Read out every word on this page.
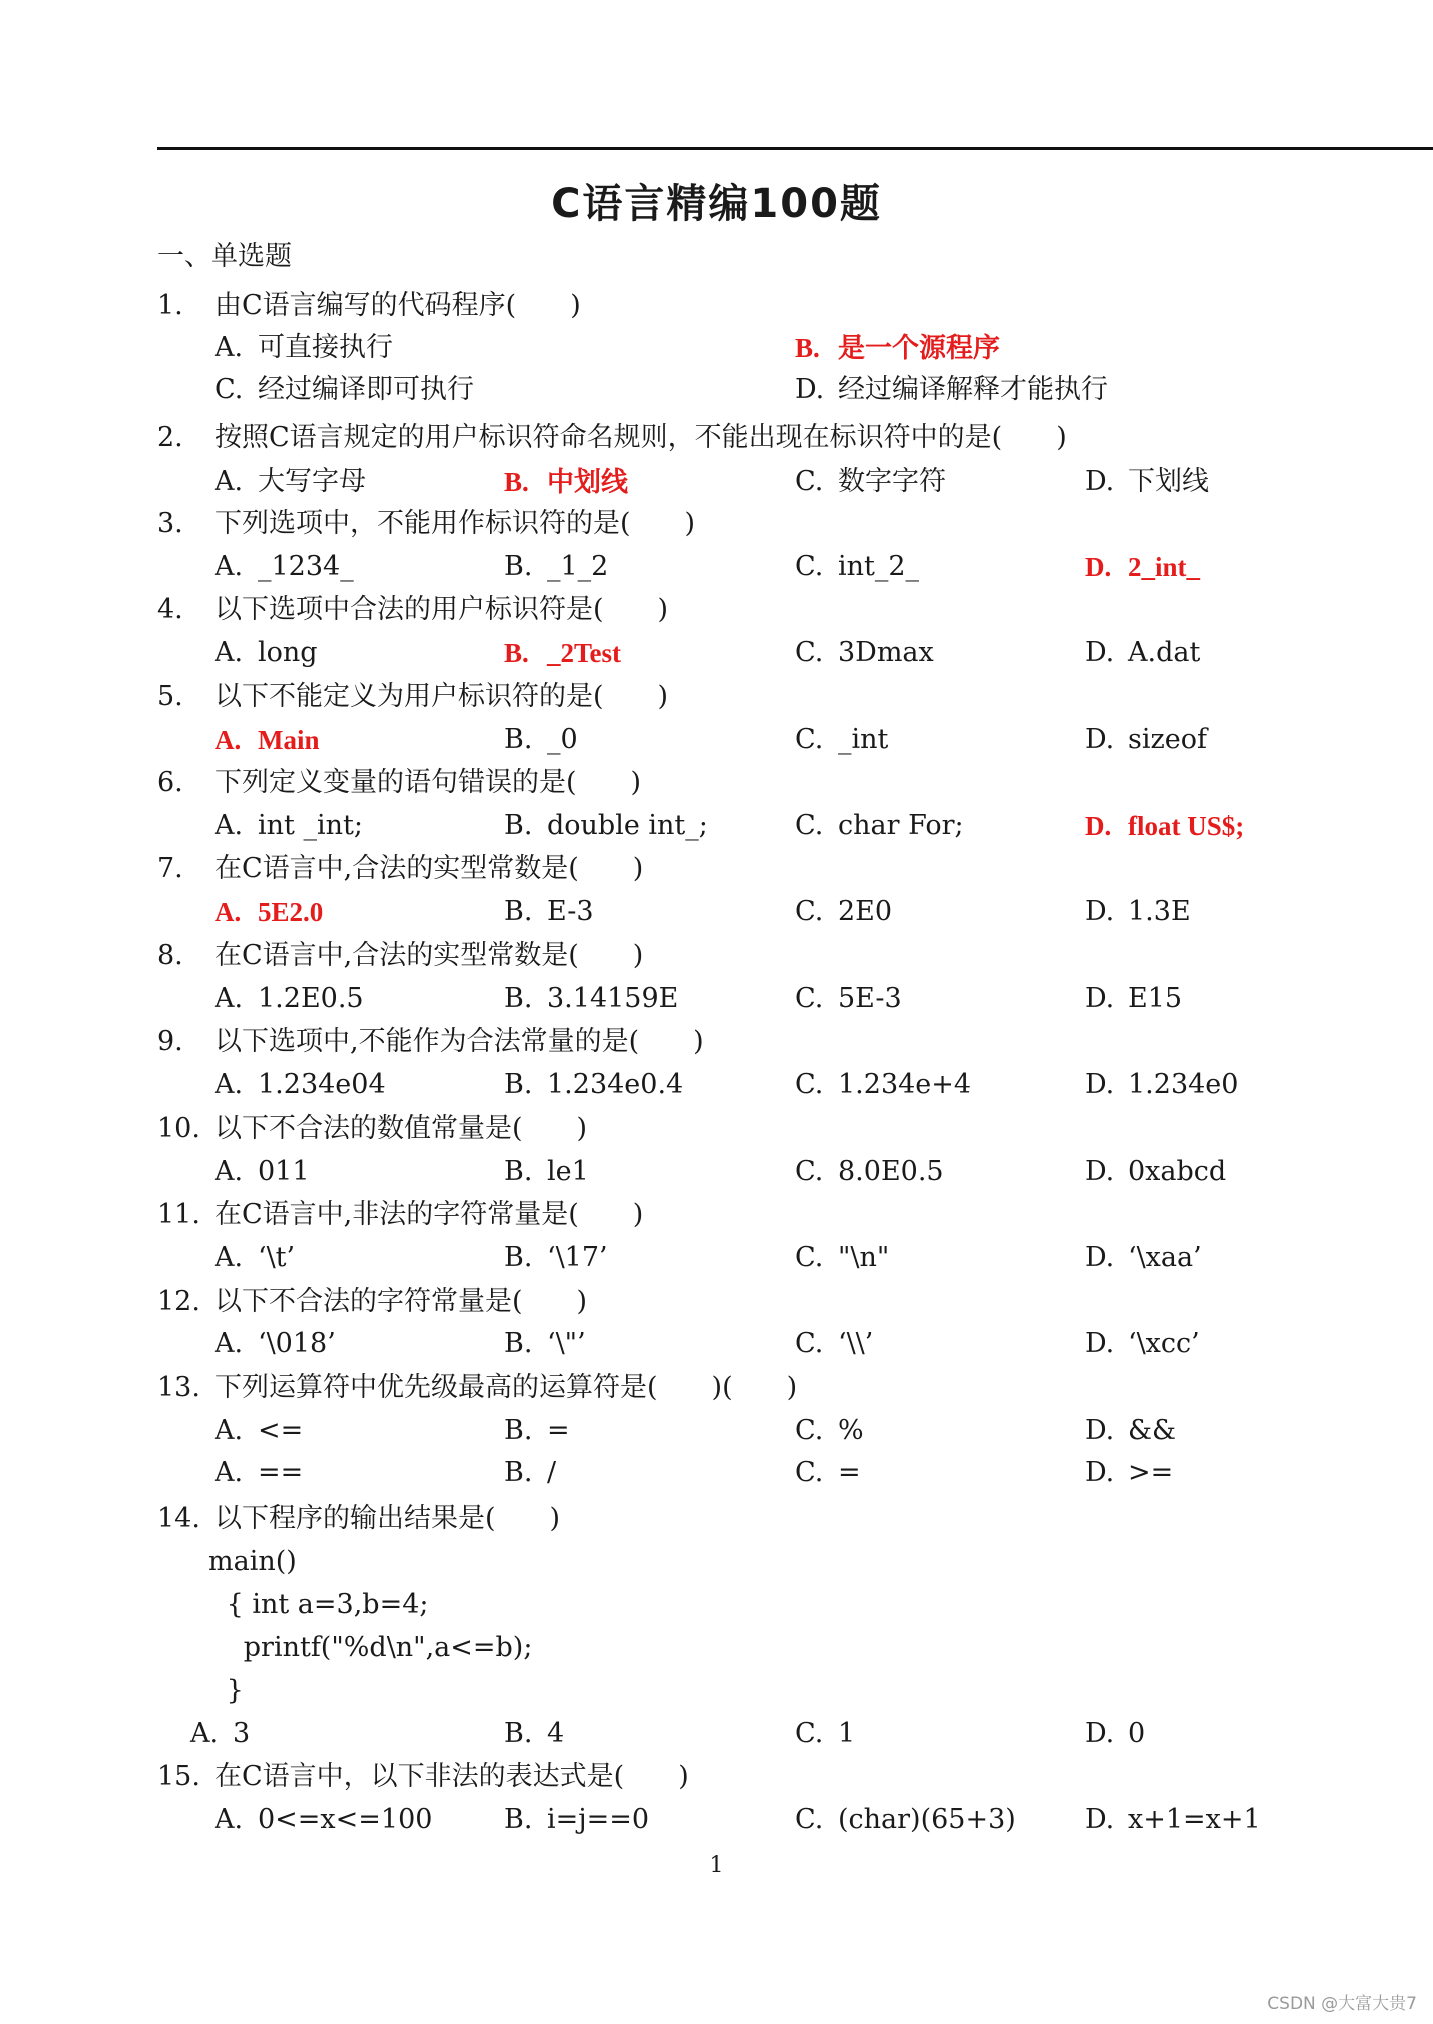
C语言精编100题
一、单选题
1. 由C语言编写的代码程序(　　)
A. 可直接执行	B. 是一个源程序
C. 经过编译即可执行	D. 经过编译解释才能执行
2. 按照C语言规定的用户标识符命名规则，不能出现在标识符中的是(　　)
A. 大写字母	B. 中划线	C. 数字字符	D. 下划线
3. 下列选项中，不能用作标识符的是(　　)
A. _1234_	B. _1_2	C. int_2_	D. 2_int_
4. 以下选项中合法的用户标识符是(　　)
A. long	B. _2Test	C. 3Dmax	D. A.dat
5. 以下不能定义为用户标识符的是(　　)
A. Main	B. _0	C. _int	D. sizeof
6. 下列定义变量的语句错误的是(　　)
A. int _int;	B. double int_;	C. char For;	D. float US$;
7. 在C语言中,合法的实型常数是(　　)
A. 5E2.0	B. E-3	C. 2E0	D. 1.3E
8. 在C语言中,合法的实型常数是(　　)
A. 1.2E0.5	B. 3.14159E	C. 5E-3	D. E15
9. 以下选项中,不能作为合法常量的是(　　)
A. 1.234e04	B. 1.234e0.4	C. 1.234e+4	D. 1.234e0
10. 以下不合法的数值常量是(　　)
A. 011	B. le1	C. 8.0E0.5	D. 0xabcd
11. 在C语言中,非法的字符常量是(　　)
A. ‘\t’	B. ‘\17’	C. "\n"	D. ‘\xaa’
12. 以下不合法的字符常量是(　　)
A. ‘\018’	B. ‘\"’	C. ‘\\’	D. ‘\xcc’
13. 下列运算符中优先级最高的运算符是(　　)(　　)
A. <=	B. =	C. %	D. &&
A. ==	B. /	C. =	D. >=
14. 以下程序的输出结果是(　　)
main()
{ int a=3,b=4;
printf("%d\n",a<=b);
}
A. 3	B. 4	C. 1	D. 0
15. 在C语言中，以下非法的表达式是(　　)
A. 0<=x<=100	B. i=j==0	C. (char)(65+3)	D. x+1=x+1
1
CSDN @大富大贵7
